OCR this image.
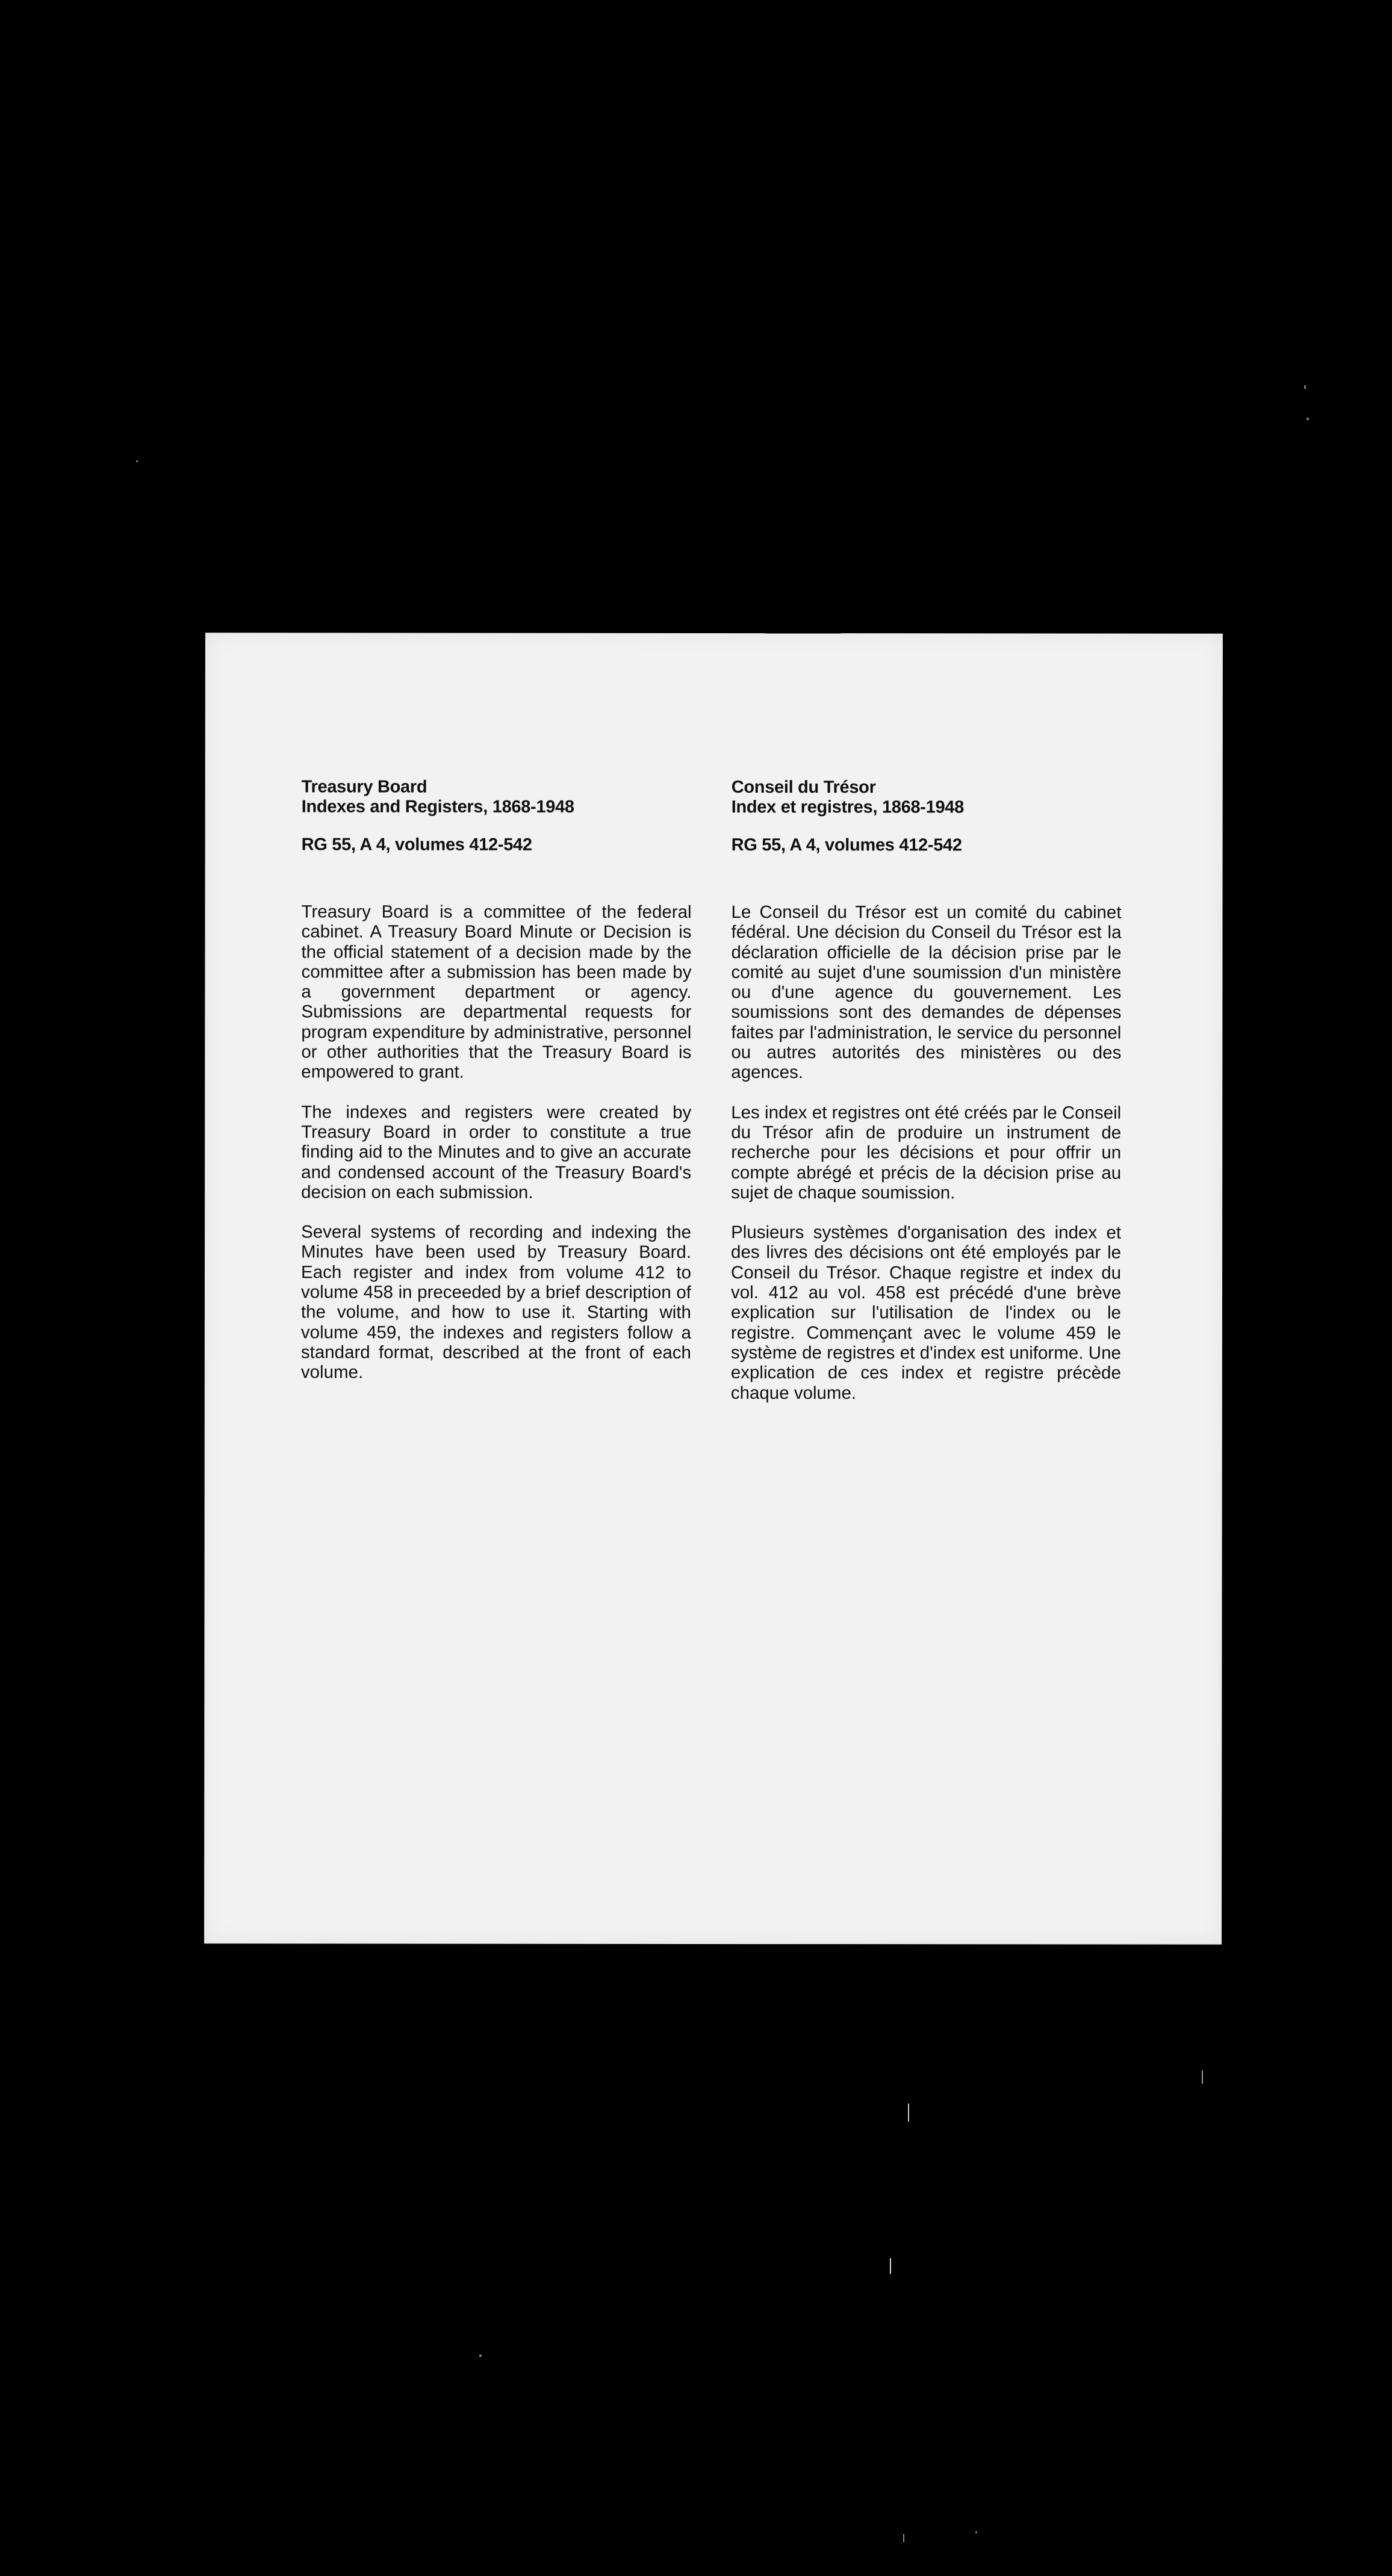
Treasury Board
Indexes and Registers, 1868-1948

RG 55, A 4, volumes 412-542

Treasury Board is a committee of the federal cabinet. A Treasury Board Minute or Decision is the official statement of a decision made by the committee after a submission has been made by a government department or agency. Submissions are departmental requests for program expenditure by administrative, personnel or other authorities that the Treasury Board is empowered to grant.

The indexes and registers were created by Treasury Board in order to constitute a true finding aid to the Minutes and to give an accurate and condensed account of the Treasury Board's decision on each submission.

Several systems of recording and indexing the Minutes have been used by Treasury Board. Each register and index from volume 412 to volume 458 in preceeded by a brief description of the volume, and how to use it. Starting with volume 459, the indexes and registers follow a standard format, described at the front of each volume.

Conseil du Trésor
Index et registres, 1868-1948

RG 55, A 4, volumes 412-542

Le Conseil du Trésor est un comité du cabinet fédéral. Une décision du Conseil du Trésor est la déclaration officielle de la décision prise par le comité au sujet d'une soumission d'un ministère ou d'une agence du gouvernement. Les soumissions sont des demandes de dépenses faites par l'administration, le service du personnel ou autres autorités des ministères ou des agences.

Les index et registres ont été créés par le Conseil du Trésor afin de produire un instrument de recherche pour les décisions et pour offrir un compte abrégé et précis de la décision prise au sujet de chaque soumission.

Plusieurs systèmes d'organisation des index et des livres des décisions ont été employés par le Conseil du Trésor. Chaque registre et index du vol. 412 au vol. 458 est précédé d'une brève explication sur l'utilisation de l'index ou le registre. Commençant avec le volume 459 le système de registres et d'index est uniforme. Une explication de ces index et registre précède chaque volume.
